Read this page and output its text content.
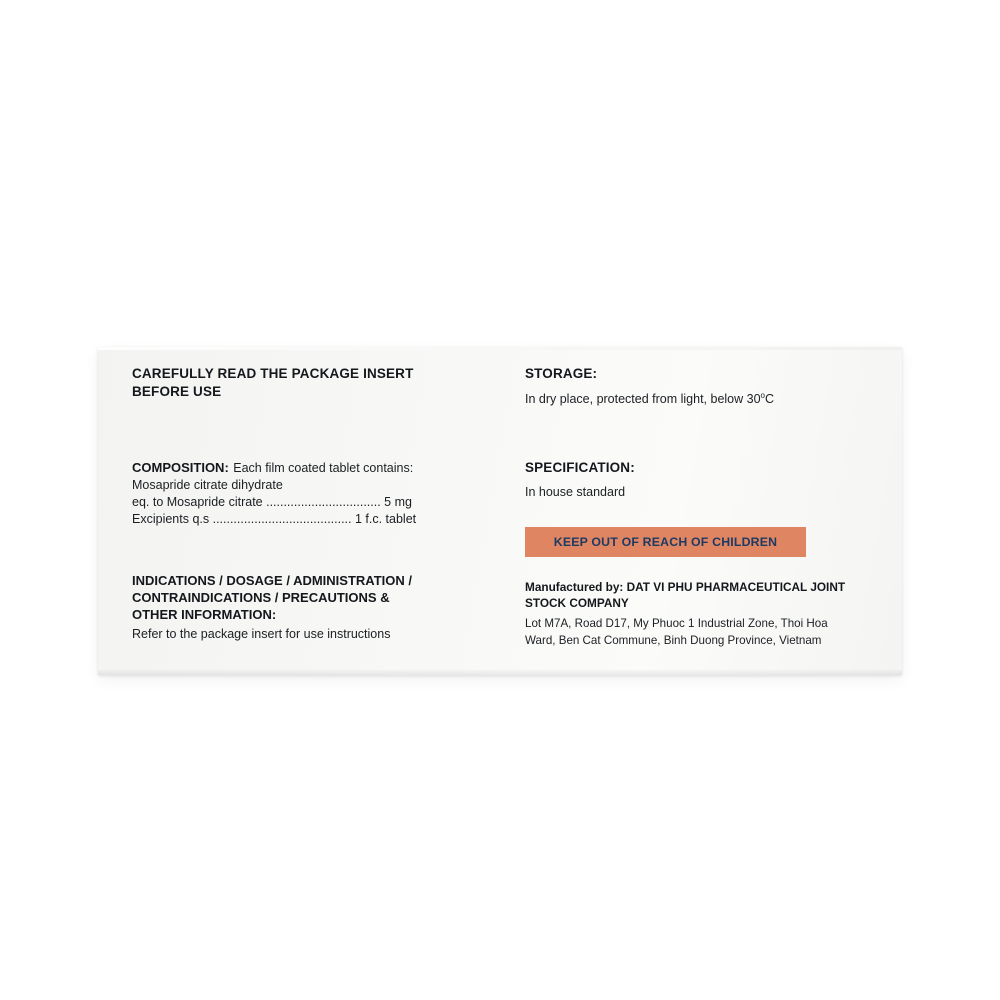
CAREFULLY READ THE PACKAGE INSERT
BEFORE USE
STORAGE:
In dry place, protected from light, below 30$^o$C
COMPOSITION: Each film coated tablet contains:
Mosapride citrate dihydrate
eq. to Mosapride citrate ................................. 5 mg
Excipients q.s ........................................ 1 f.c. tablet
SPECIFICATION:
In house standard
KEEP OUT OF REACH OF CHILDREN
INDICATIONS / DOSAGE / ADMINISTRATION /
CONTRAINDICATIONS / PRECAUTIONS &
OTHER INFORMATION:
Refer to the package insert for use instructions
Manufactured by: DAT VI PHU PHARMACEUTICAL JOINT
STOCK COMPANY
Lot M7A, Road D17, My Phuoc 1 Industrial Zone, Thoi Hoa
Ward, Ben Cat Commune, Binh Duong Province, Vietnam
